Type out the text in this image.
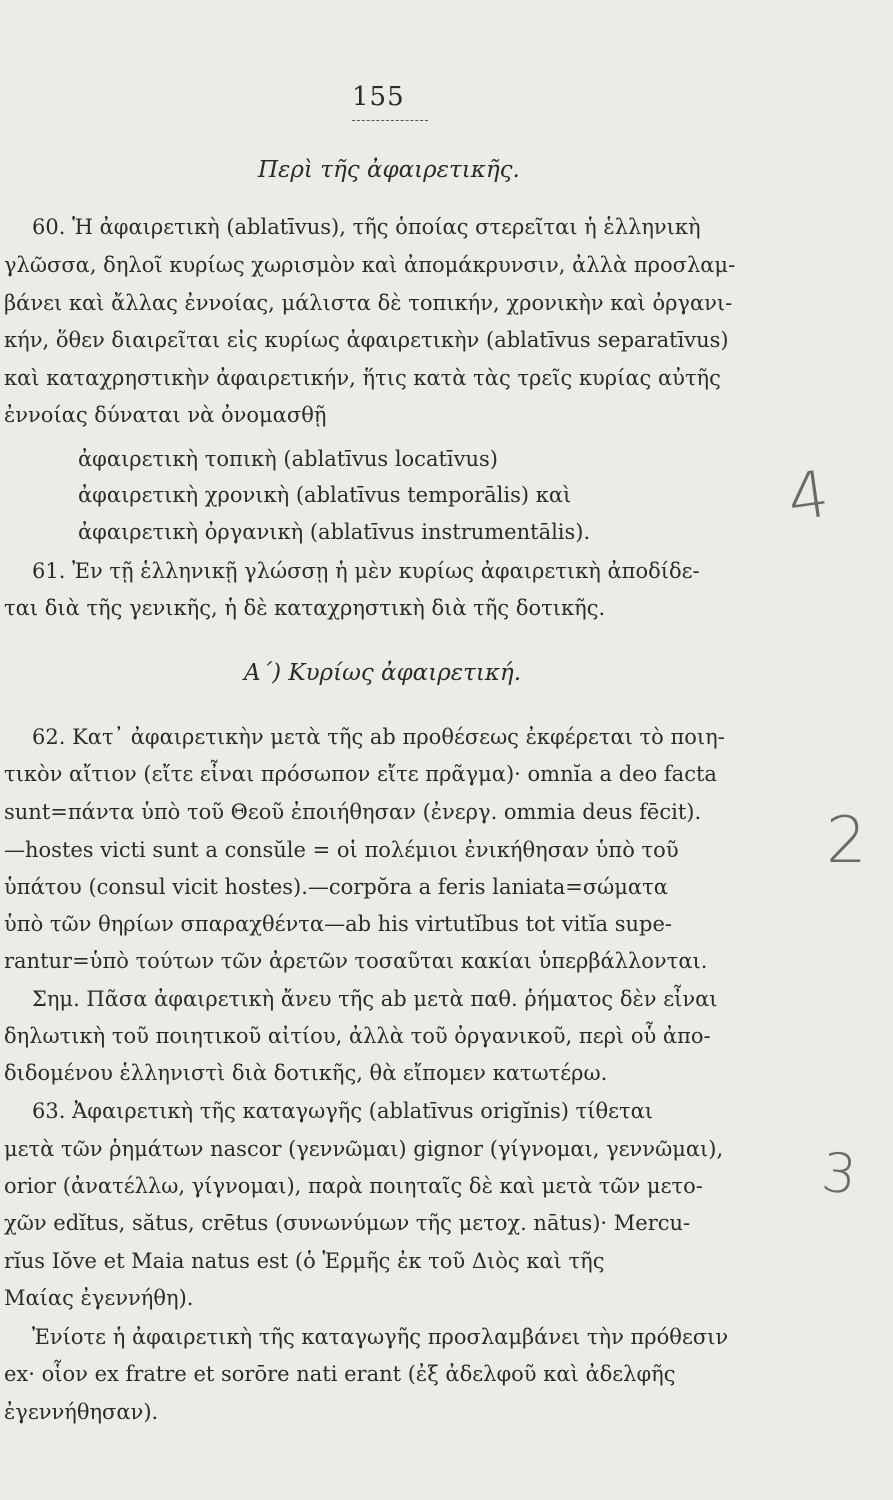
155
Περὶ τῆς ἀφαιρετικῆς.
60. Ἡ ἀφαιρετικὴ (ablatīvus), τῆς ὁποίας στερεῖται ἡ ἑλληνικὴ
γλῶσσα, δηλοῖ κυρίως χωρισμὸν καὶ ἀπομάκρυνσιν, ἀλλὰ προσλαμ-
βάνει καὶ ἄλλας ἐννοίας, μάλιστα δὲ τοπικήν, χρονικὴν καὶ ὀργανι-
κήν, ὅθεν διαιρεῖται εἰς κυρίως ἀφαιρετικὴν (ablatīvus separatīvus)
καὶ καταχρηστικὴν ἀφαιρετικήν, ἥτις κατὰ τὰς τρεῖς κυρίας αὐτῆς
ἐννοίας δύναται νὰ ὀνομασθῇ
ἀφαιρετικὴ τοπικὴ (ablatīvus locatīvus)
ἀφαιρετικὴ χρονικὴ (ablatīvus temporālis) καὶ
ἀφαιρετικὴ ὀργανικὴ (ablatīvus instrumentālis).
61. Ἐν τῇ ἑλληνικῇ γλώσσῃ ἡ μὲν κυρίως ἀφαιρετικὴ ἀποδίδε-
ται διὰ τῆς γενικῆς, ἡ δὲ καταχρηστικὴ διὰ τῆς δοτικῆς.
Α΄) Κυρίως ἀφαιρετική.
62. Κατ᾽ ἀφαιρετικὴν μετὰ τῆς ab προθέσεως ἐκφέρεται τὸ ποιη-
τικὸν αἴτιον (εἴτε εἶναι πρόσωπον εἴτε πρᾶγμα)· omnĭa a deo facta
sunt=πάντα ὑπὸ τοῦ Θεοῦ ἐποιήθησαν (ἐνεργ. ommia deus fēcit).
—hostes victi sunt a consŭle = οἱ πολέμιοι ἐνικήθησαν ὑπὸ τοῦ
ὑπάτου (consul vicit hostes).—corpŏra a feris laniata=σώματα
ὑπὸ τῶν θηρίων σπαραχθέντα—ab his virtutĭbus tot vitĭa supe-
rantur=ὑπὸ τούτων τῶν ἀρετῶν τοσαῦται κακίαι ὑπερβάλλονται.
Σημ. Πᾶσα ἀφαιρετικὴ ἄνευ τῆς ab μετὰ παθ. ῥήματος δὲν εἶναι
δηλωτικὴ τοῦ ποιητικοῦ αἰτίου, ἀλλὰ τοῦ ὀργανικοῦ, περὶ οὗ ἀπο-
διδομένου ἑλληνιστὶ διὰ δοτικῆς, θὰ εἴπομεν κατωτέρω.
63. Ἀφαιρετικὴ τῆς καταγωγῆς (ablatīvus origĭnis) τίθεται
μετὰ τῶν ῥημάτων nascor (γεννῶμαι) gignor (γίγνομαι, γεννῶμαι),
orior (ἀνατέλλω, γίγνομαι), παρὰ ποιηταῖς δὲ καὶ μετὰ τῶν μετο-
χῶν edĭtus, sătus, crētus (συνωνύμων τῆς μετοχ. nātus)· Mercu-
rĭus Iŏve et Maia natus est (ὁ Ἑρμῆς ἐκ τοῦ Διὸς καὶ τῆς
Μαίας ἐγεννήθη).
Ἐνίοτε ἡ ἀφαιρετικὴ τῆς καταγωγῆς προσλαμβάνει τὴν πρόθεσιν
ex· οἷον ex fratre et sorōre nati erant (ἐξ ἀδελφοῦ καὶ ἀδελφῆς
ἐγεννήθησαν).
4
2
3
